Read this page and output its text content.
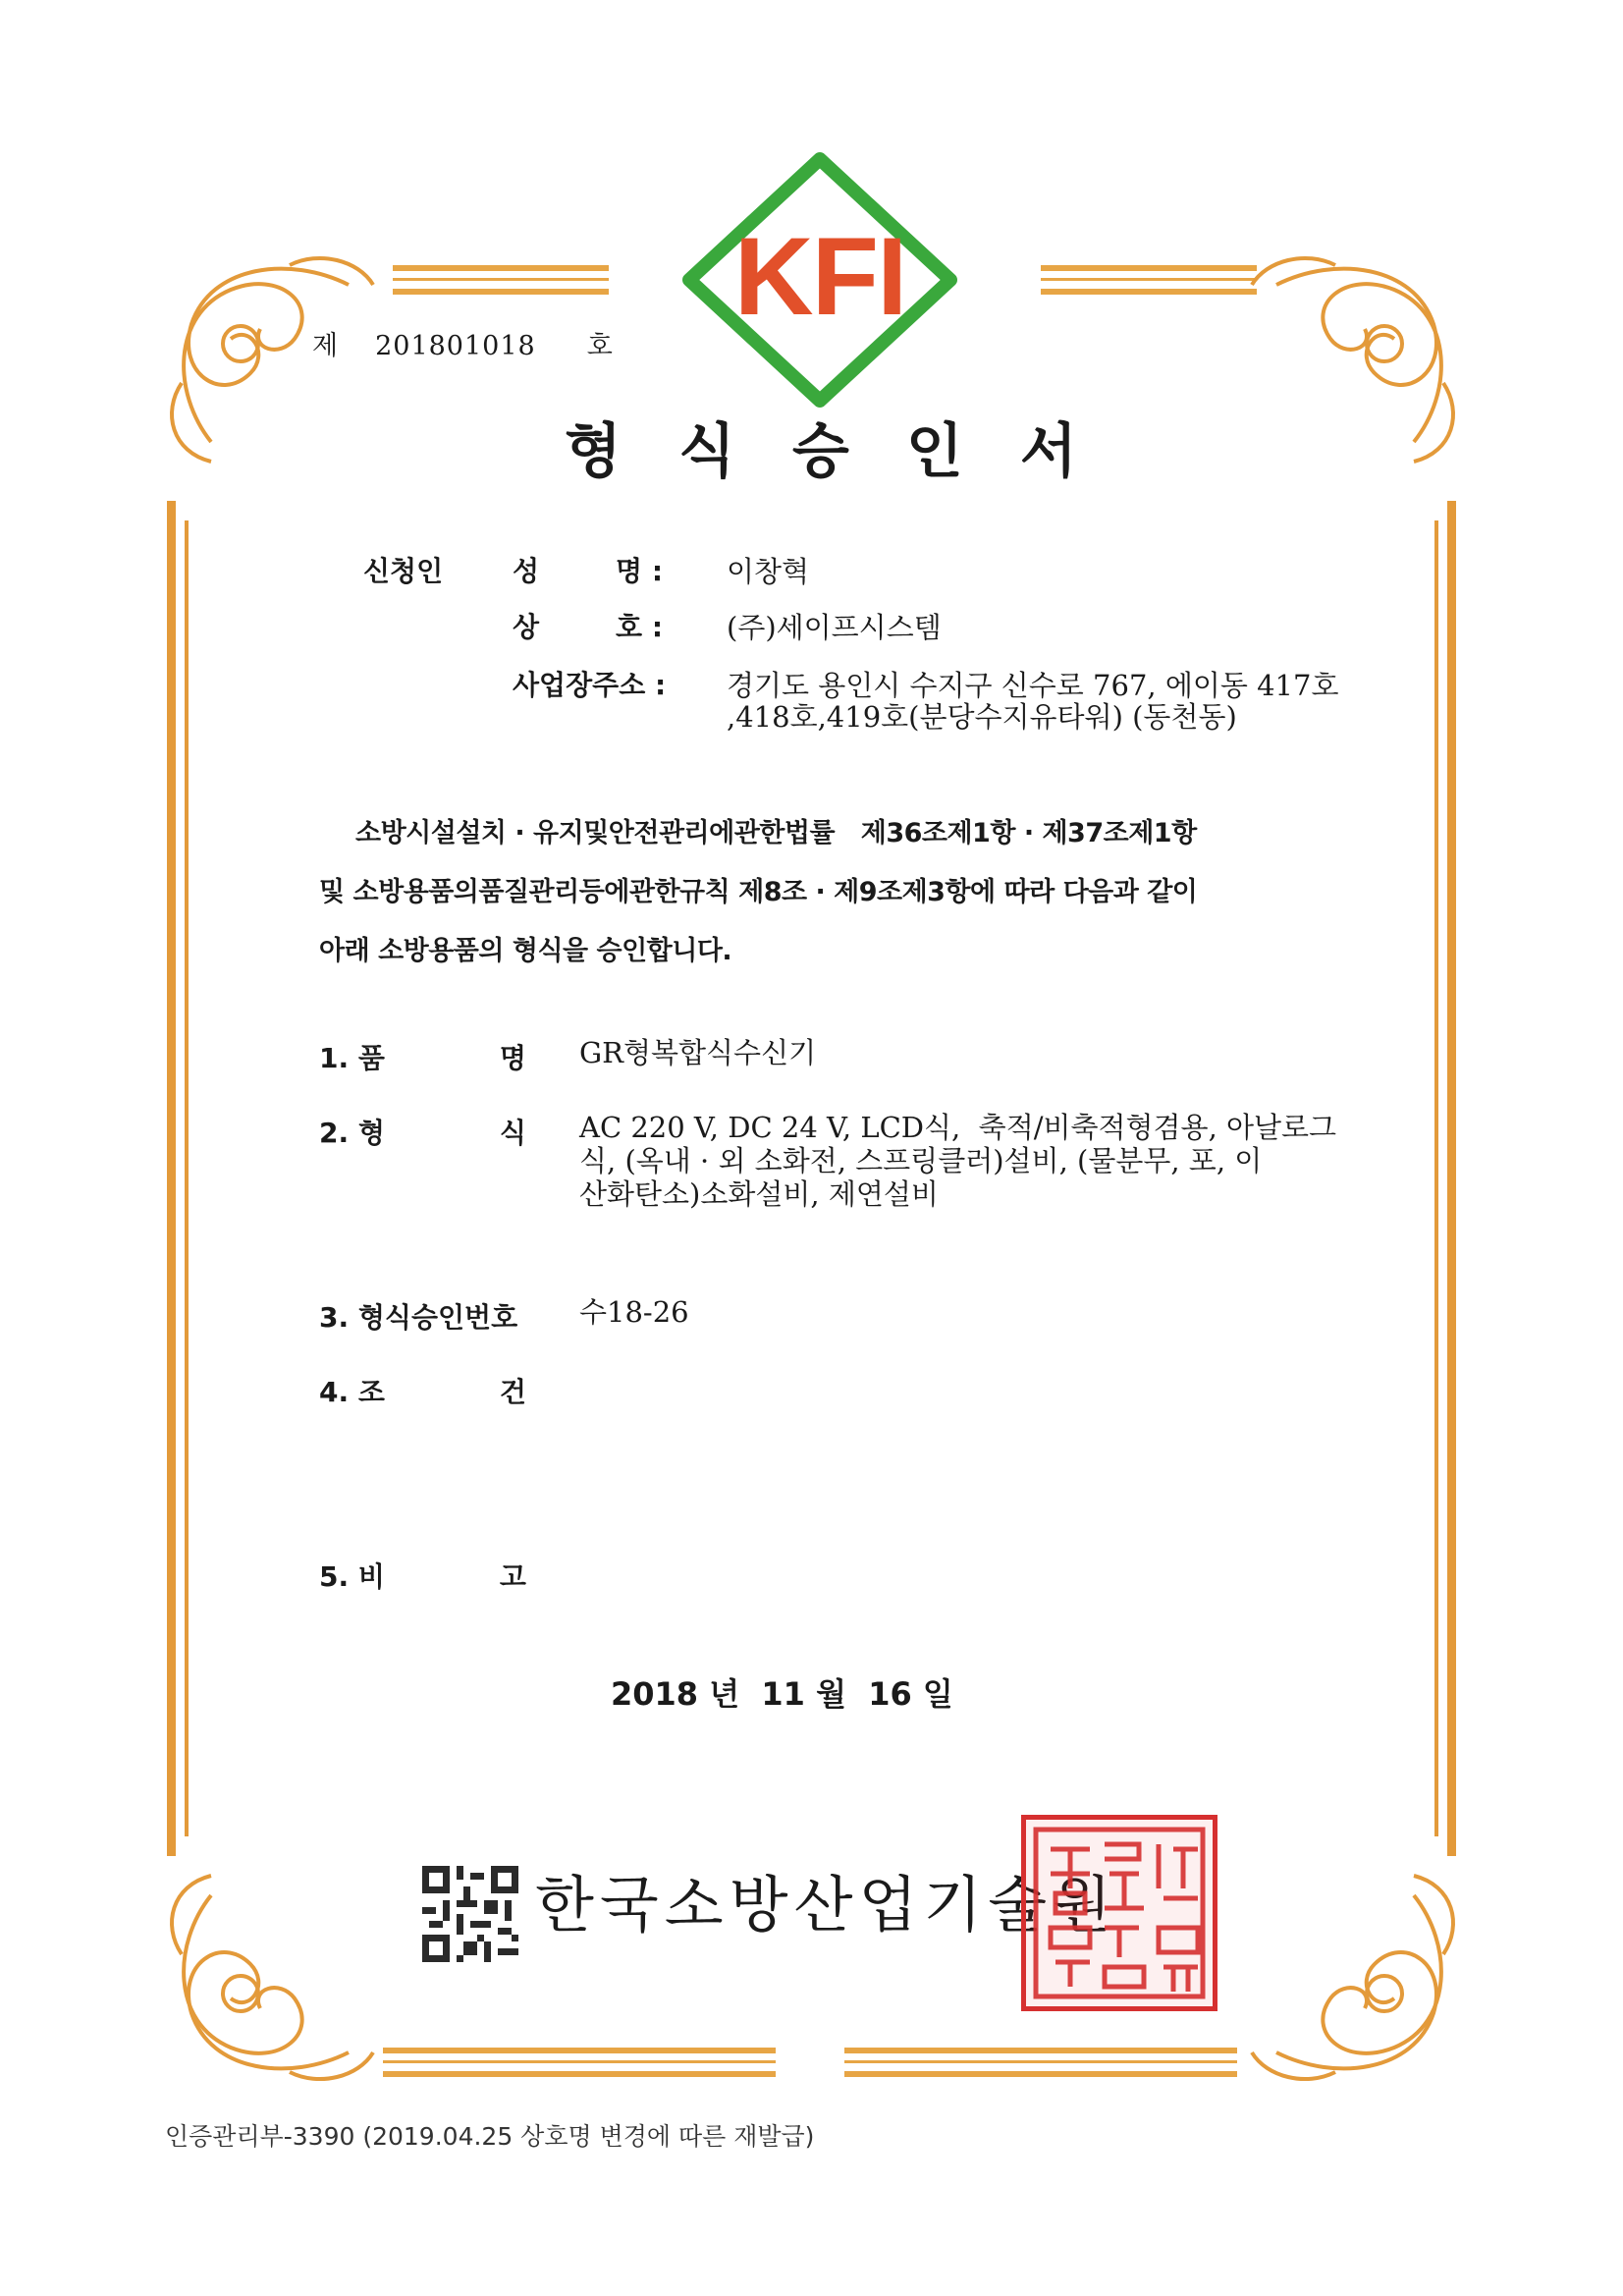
KFI
제 201801018 호
형식승인서
신청인	성        명 : 이창혁
상        호 : (주)세이프시스템
사업장주소 : 경기도 용인시 수지구 신수로 767, 에이동 417호
,418호,419호(분당수지유타워) (동천동)
소방시설설치 · 유지및안전관리에관한법률   제36조제1항 · 제37조제1항
및 소방용품의품질관리등에관한규칙 제8조 · 제9조제3항에 따라 다음과 같이
아래 소방용품의 형식을 승인합니다.
1. 품            명 GR형복합식수신기
2. 형            식 AC 220 V, DC 24 V, LCD식,  축적/비축적형겸용, 아날로그
식, (옥내 · 외 소화전, 스프링클러)설비, (물분무, 포, 이
산화탄소)소화설비, 제연설비
3. 형식승인번호 수18-26
4. 조            건
5. 비            고
2018 년  11 월  16 일
한국소방산업기술원
인증관리부-3390 (2019.04.25 상호명 변경에 따른 재발급)
